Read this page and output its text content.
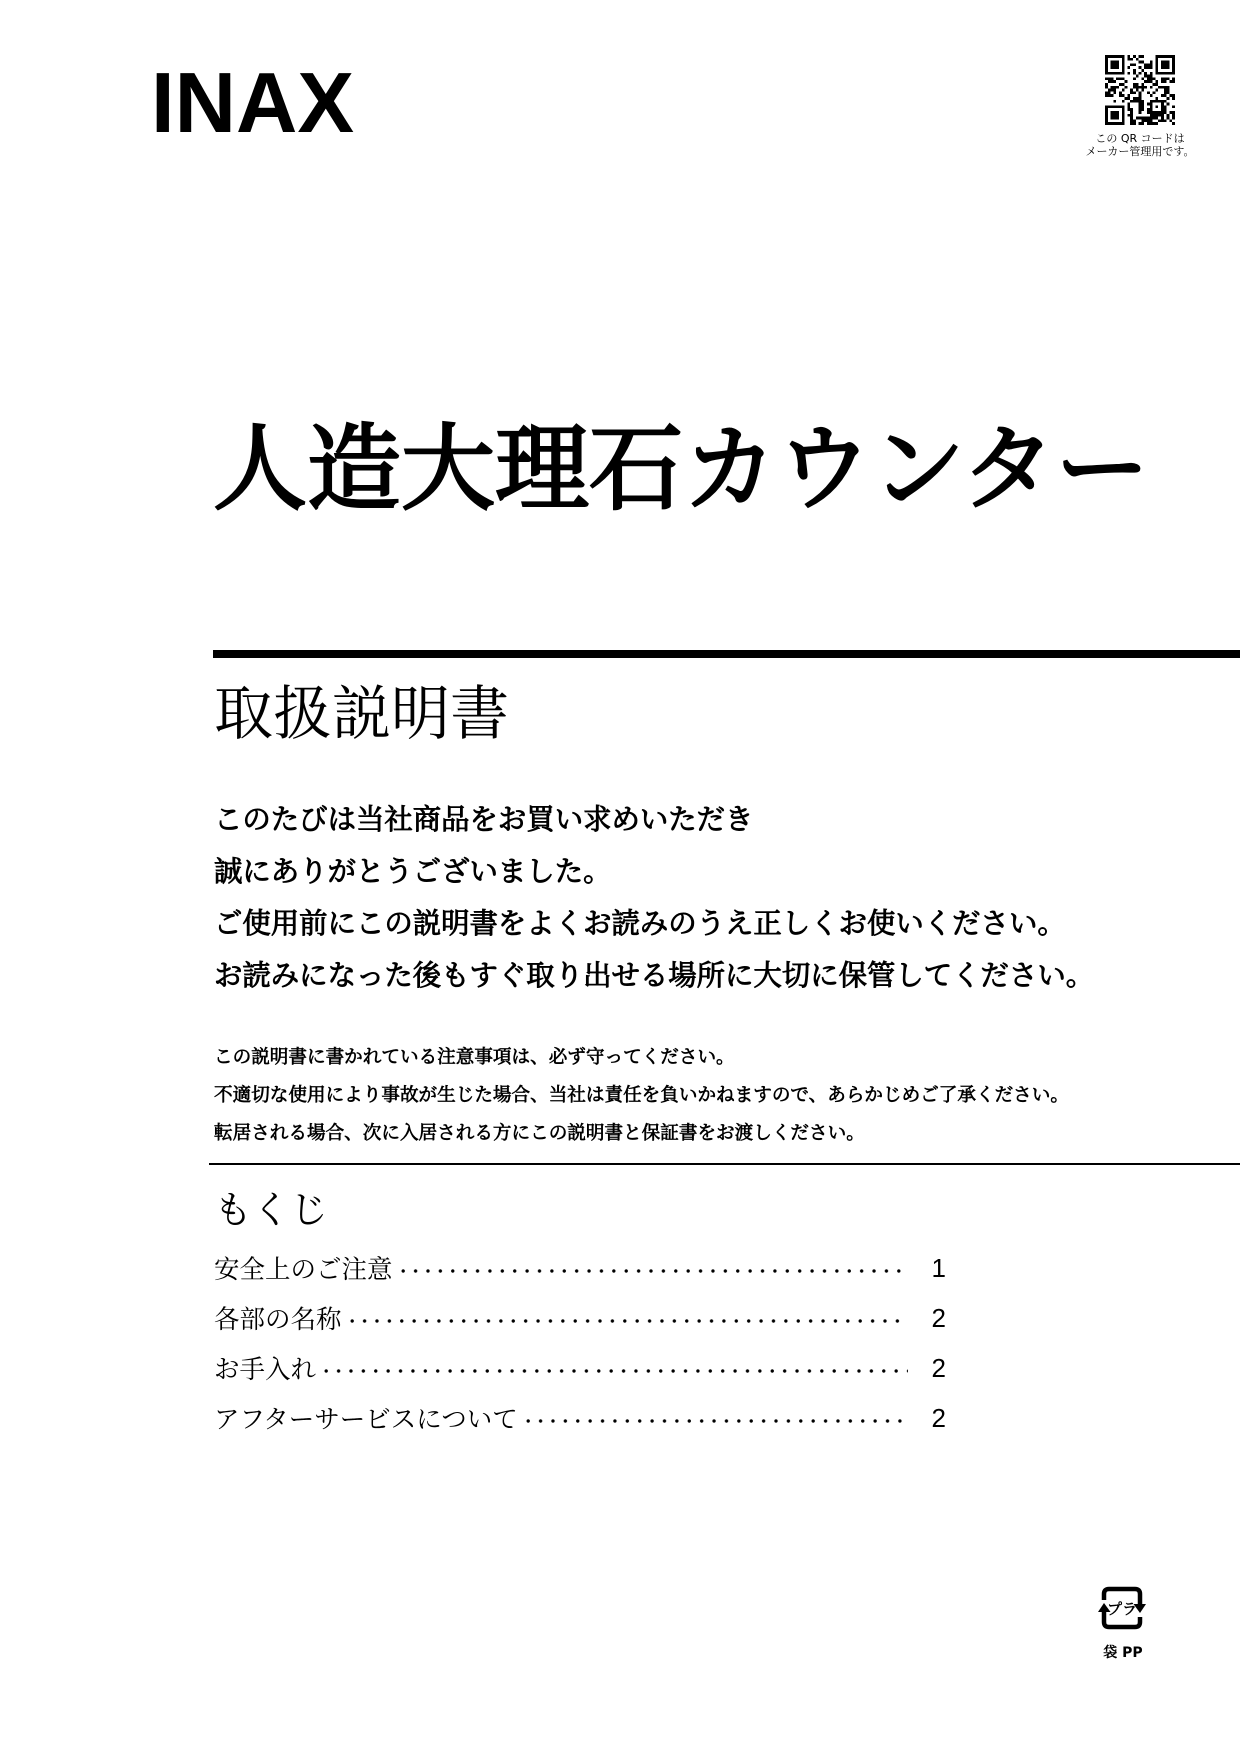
INAX	この QR コードは
メーカー管理用です。
人造大理石カウンター
取扱説明書
このたびは当社商品をお買い求めいただき
誠にありがとうございました。
ご使用前にこの説明書をよくお読みのうえ正しくお使いください。
お読みになった後もすぐ取り出せる場所に大切に保管してください。
この説明書に書かれている注意事項は、必ず守ってください。
不適切な使用により事故が生じた場合、当社は責任を負いかねますので、あらかじめご了承ください。
転居される場合、次に入居される方にこの説明書と保証書をお渡しください。
もくじ
安全上のご注意	1
各部の名称	2
お手入れ	2
アフターサービスについて	2
プラ
袋 PP
